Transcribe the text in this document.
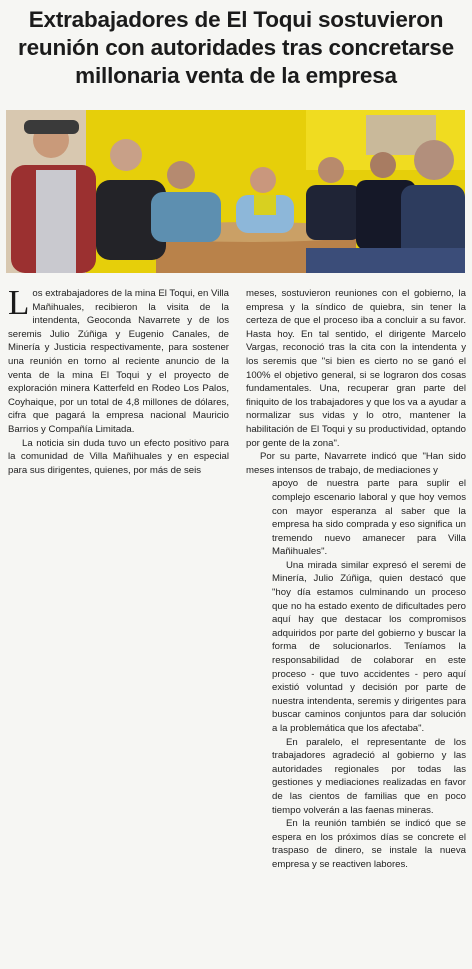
Extrabajadores de El Toqui sostuvieron reunión con autoridades tras concretarse millonaria venta de la empresa

Los extrabajadores de la mina El Toqui, en Villa Mañihuales, recibieron la visita de la intendenta, Geoconda Navarrete y de los seremis Julio Zúñiga y Eugenio Canales, de Minería y Justicia respectivamente, para sostener una reunión en torno al reciente anuncio de la venta de la mina El Toqui y el proyecto de exploración minera Katterfeld en Rodeo Los Palos, Coyhaique, por un total de 4,8 millones de dólares, cifra que pagará la empresa nacional Mauricio Barrios y Compañía Limitada.

La noticia sin duda tuvo un efecto positivo para la comunidad de Villa Mañihuales y en especial para sus dirigentes, quienes, por más de seis

meses, sostuvieron reuniones con el gobierno, la empresa y la síndico de quiebra, sin tener la certeza de que el proceso iba a concluir a su favor. Hasta hoy. En tal sentido, el dirigente Marcelo Vargas, reconoció tras la cita con la intendenta y los seremis que "si bien es cierto no se ganó el 100% el objetivo general, si se lograron dos cosas fundamentales. Una, recuperar gran parte del finiquito de los trabajadores y que los va a ayudar a normalizar sus vidas y lo otro, mantener la habilitación de El Toqui y su productividad, optando por gente de la zona".

Por su parte, Navarrete indicó que "Han sido meses intensos de trabajo, de mediaciones y

apoyo de nuestra parte para suplir el complejo escenario laboral y que hoy vemos con mayor esperanza al saber que la empresa ha sido comprada y eso significa un tremendo nuevo amanecer para Villa Mañihuales".

Una mirada similar expresó el seremi de Minería, Julio Zúñiga, quien destacó que "hoy día estamos culminando un proceso que no ha estado exento de dificultades pero aquí hay que destacar los compromisos adquiridos por parte del gobierno y buscar la forma de solucionarlos. Teníamos la responsabilidad de colaborar en este proceso - que tuvo accidentes - pero aquí existió voluntad y decisión por parte de nuestra intendenta, seremis y dirigentes para buscar caminos conjuntos para dar solución a la problemática que los afectaba".

En paralelo, el representante de los trabajadores agradeció al gobierno y las autoridades regionales por todas las gestiones y mediaciones realizadas en favor de las cientos de familias que en poco tiempo volverán a las faenas mineras.

En la reunión también se indicó que se espera en los próximos días se concrete el traspaso de dinero, se instale la nueva empresa y se reactiven labores.
